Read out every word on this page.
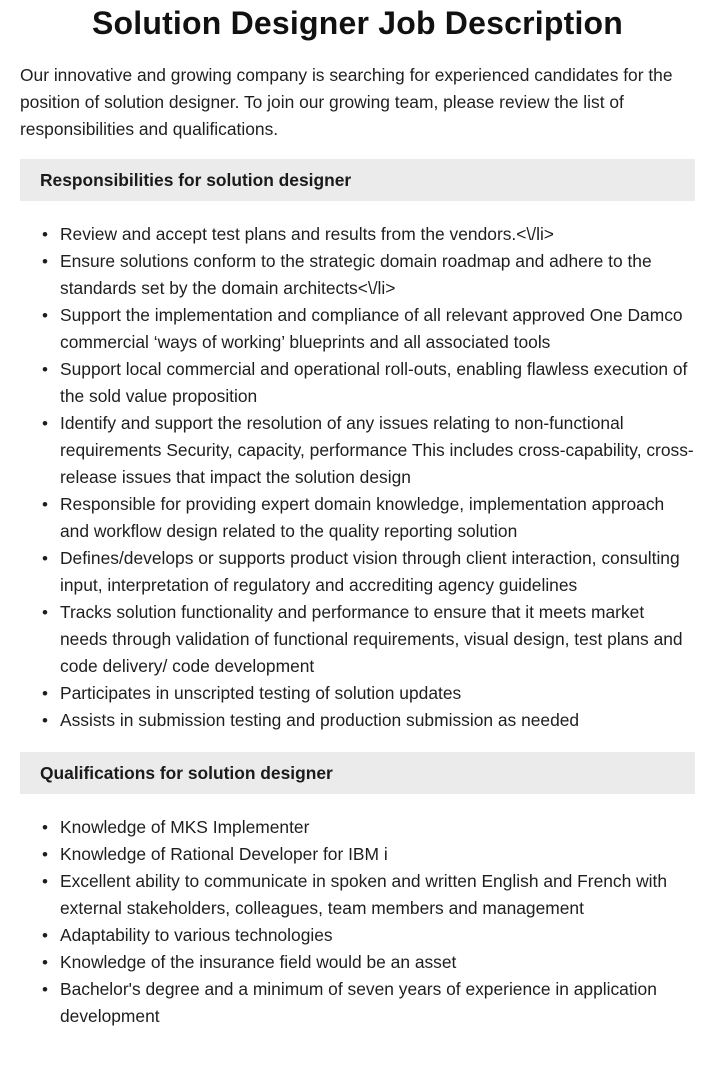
Solution Designer Job Description

Our innovative and growing company is searching for experienced candidates for the position of solution designer. To join our growing team, please review the list of responsibilities and qualifications.

Responsibilities for solution designer
• Review and accept test plans and results from the vendors.<\/li>
• Ensure solutions conform to the strategic domain roadmap and adhere to the standards set by the domain architects<\/li>
• Support the implementation and compliance of all relevant approved One Damco commercial ‘ways of working’ blueprints and all associated tools
• Support local commercial and operational roll-outs, enabling flawless execution of the sold value proposition
• Identify and support the resolution of any issues relating to non-functional requirements Security, capacity, performance This includes cross-capability, cross-release issues that impact the solution design
• Responsible for providing expert domain knowledge, implementation approach and workflow design related to the quality reporting solution
• Defines/develops or supports product vision through client interaction, consulting input, interpretation of regulatory and accrediting agency guidelines
• Tracks solution functionality and performance to ensure that it meets market needs through validation of functional requirements, visual design, test plans and code delivery/ code development
• Participates in unscripted testing of solution updates
• Assists in submission testing and production submission as needed
Qualifications for solution designer
• Knowledge of MKS Implementer
• Knowledge of Rational Developer for IBM i
• Excellent ability to communicate in spoken and written English and French with external stakeholders, colleagues, team members and management
• Adaptability to various technologies
• Knowledge of the insurance field would be an asset
• Bachelor's degree and a minimum of seven years of experience in application development
